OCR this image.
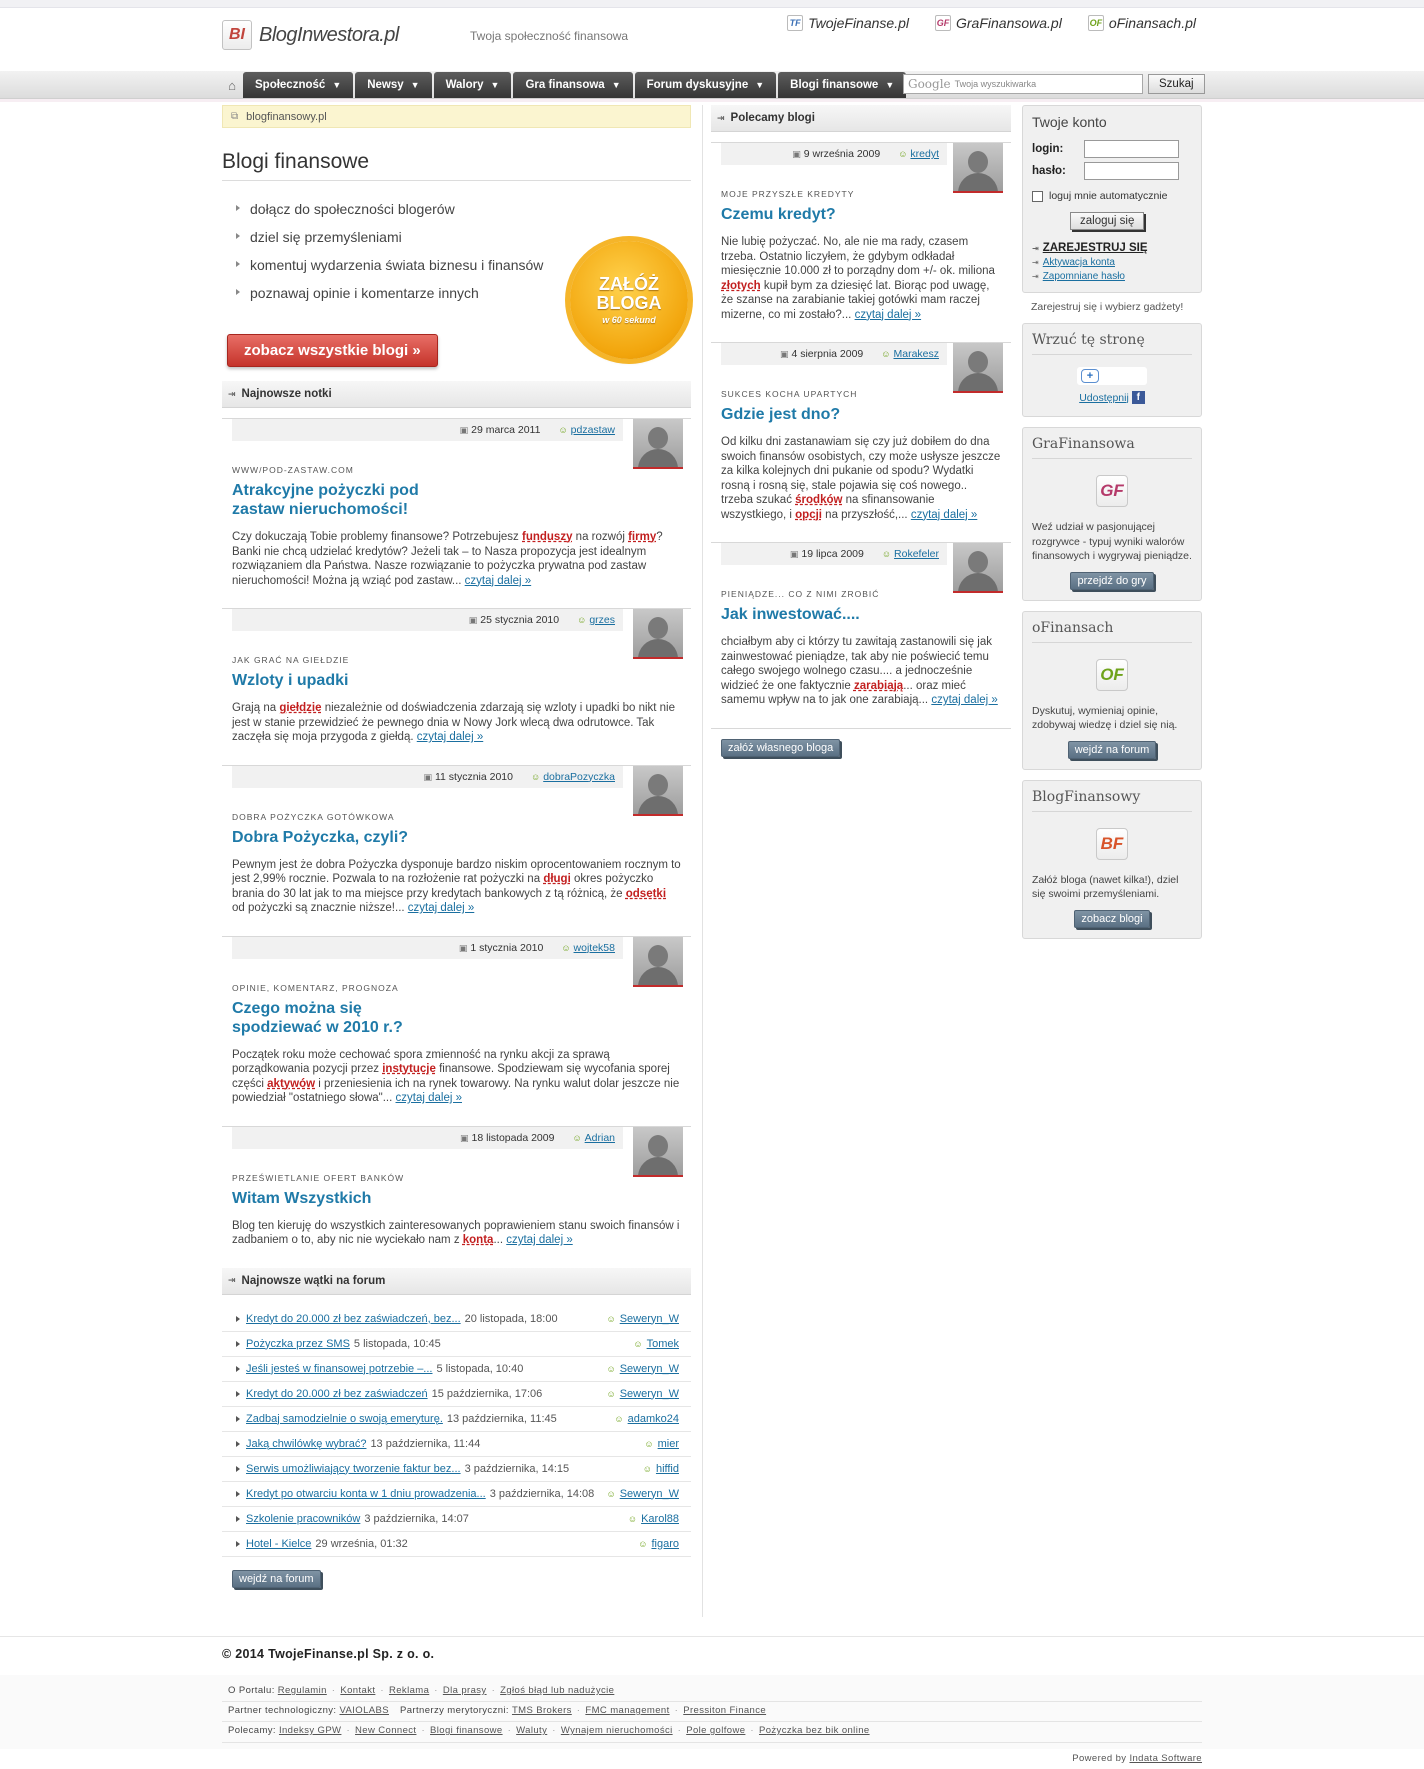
BI BlogInwestora.pl	Twoja społeczność finansowa
TF TwojeFinanse.pl	GF GraFinansowa.pl	OF oFinansach.pl
⌂	Społeczność ▼ Newsy ▼ Walory ▼ Gra finansowa ▼ Forum dyskusyjne ▼ Blogi finansowe ▼ Google Twoja wyszukiwarka	Szukaj
⧉ blogfinansowy.pl
Blogi finansowe
dołącz do społeczności blogerów
dziel się przemyśleniami
komentuj wydarzenia świata biznesu i finansów
poznawaj opinie i komentarze innych	ZAŁÓŻ
BLOGA
w 60 sekund
zobacz wszystkie blogi »
⇥ Najnowsze notki
▣ 29 marca 2011 ☺ pdzastaw
WWW/POD-ZASTAW.COM
Atrakcyjne pożyczki pod zastaw nieruchomości!
Czy dokuczają Tobie problemy finansowe? Potrzebujesz funduszy na rozwój firmy? Banki nie chcą udzielać kredytów? Jeżeli tak – to Nasza propozycja jest idealnym rozwiązaniem dla Państwa. Nasze rozwiązanie to pożyczka prywatna pod zastaw nieruchomości! Można ją wziąć pod zastaw... czytaj dalej »
▣ 25 stycznia 2010 ☺ grzes
JAK GRAĆ NA GIEŁDZIE
Wzloty i upadki
Grają na giełdzie niezależnie od doświadczenia zdarzają się wzloty i upadki bo nikt nie jest w stanie przewidzieć że pewnego dnia w Nowy Jork wlecą dwa odrutowce. Tak zaczęła się moja przygoda z giełdą. czytaj dalej »
▣ 11 stycznia 2010 ☺ dobraPozyczka
DOBRA POŻYCZKA GOTÓWKOWA
Dobra Pożyczka, czyli?
Pewnym jest że dobra Pożyczka dysponuje bardzo niskim oprocentowaniem rocznym to jest 2,99% rocznie. Pozwala to na rozłożenie rat pożyczki na długi okres pożyczko brania do 30 lat jak to ma miejsce przy kredytach bankowych z tą różnicą, że odsetki od pożyczki są znacznie niższe!... czytaj dalej »
▣ 1 stycznia 2010 ☺ wojtek58
OPINIE, KOMENTARZ, PROGNOZA
Czego można się spodziewać w 2010 r.?
Początek roku może cechować spora zmienność na rynku akcji za sprawą porządkowania pozycji przez instytucje finansowe. Spodziewam się wycofania sporej części aktywów i przeniesienia ich na rynek towarowy. Na rynku walut dolar jeszcze nie powiedział "ostatniego słowa"... czytaj dalej »
▣ 18 listopada 2009 ☺ Adrian
PRZEŚWIETLANIE OFERT BANKÓW
Witam Wszystkich
Blog ten kieruję do wszystkich zainteresowanych poprawieniem stanu swoich finansów i zadbaniem o to, aby nic nie wyciekało nam z konta... czytaj dalej »
⇥ Najnowsze wątki na forum
Kredyt do 20.000 zł bez zaświadczeń, bez... 20 listopada, 18:00	☺ Seweryn_W
Pożyczka przez SMS 5 listopada, 10:45	☺ Tomek
Jeśli jesteś w finansowej potrzebie –... 5 listopada, 10:40	☺ Seweryn_W
Kredyt do 20.000 zł bez zaświadczeń 15 października, 17:06	☺ Seweryn_W
Zadbaj samodzielnie o swoją emeryturę. 13 października, 11:45	☺ adamko24
Jaką chwilówkę wybrać? 13 października, 11:44	☺ mier
Serwis umożliwiający tworzenie faktur bez... 3 października, 14:15	☺ hiffid
Kredyt po otwarciu konta w 1 dniu prowadzenia... 3 października, 14:08 ☺ Seweryn_W
Szkolenie pracowników 3 października, 14:07	☺ Karol88
Hotel - Kielce 29 września, 01:32	☺ figaro
wejdź na forum
⇥ Polecamy blogi
▣ 9 września 2009 ☺ kredyt
MOJE PRZYSZŁE KREDYTY
Czemu kredyt?
Nie lubię pożyczać. No, ale nie ma rady, czasem trzeba. Ostatnio liczyłem, że gdybym odkładał miesięcznie 10.000 zł to porządny dom +/- ok. miliona złotych kupił bym za dziesięć lat. Biorąc pod uwagę, że szanse na zarabianie takiej gotówki mam raczej mizerne, co mi zostało?... czytaj dalej »
▣ 4 sierpnia 2009 ☺ Marakesz
SUKCES KOCHA UPARTYCH
Gdzie jest dno?
Od kilku dni zastanawiam się czy już dobiłem do dna swoich finansów osobistych, czy może usłysze jeszcze za kilka kolejnych dni pukanie od spodu? Wydatki rosną i rosną się, stale pojawia się coś nowego.. trzeba szukać środków na sfinansowanie wszystkiego, i opcji na przyszłość,... czytaj dalej »
▣ 19 lipca 2009 ☺ Rokefeler
PIENIĄDZE... CO Z NIMI ZROBIĆ
Jak inwestować....
chciałbym aby ci którzy tu zawitają zastanowili się jak zainwestować pieniądze, tak aby nie poświecić temu całego swojego wolnego czasu.... a jednocześnie widzieć że one faktycznie zarabiają... oraz mieć samemu wpływ na to jak one zarabiają... czytaj dalej »
załóż własnego bloga
Twoje konto
login:
hasło:
loguj mnie automatycznie
zaloguj się
⇥ ZAREJESTRUJ SIĘ
⇥ Aktywacja konta
⇥ Zapomniane hasło
Zarejestruj się i wybierz gadżety!
Wrzuć tę stronę
+
Udostępnij f
GraFinansowa
GF
Weź udział w pasjonującej rozgrywce - typuj wyniki walorów finansowych i wygrywaj pieniądze.
przejdź do gry
oFinansach
OF
Dyskutuj, wymieniaj opinie, zdobywaj wiedzę i dziel się nią.
wejdź na forum
BlogFinansowy
BF
Załóż bloga (nawet kilka!), dziel się swoimi przemyśleniami.
zobacz blogi
© 2014 TwojeFinanse.pl Sp. z o. o.
O Portalu: Regulamin · Kontakt · Reklama · Dla prasy · Zgłoś błąd lub nadużycie
Partner technologiczny: VAIOLABS Partnerzy merytoryczni: TMS Brokers · FMC management · Pressiton Finance
Polecamy: Indeksy GPW · New Connect · Blogi finansowe · Waluty · Wynajem nieruchomości · Pole golfowe · Pożyczka bez bik online
Powered by Indata Software
